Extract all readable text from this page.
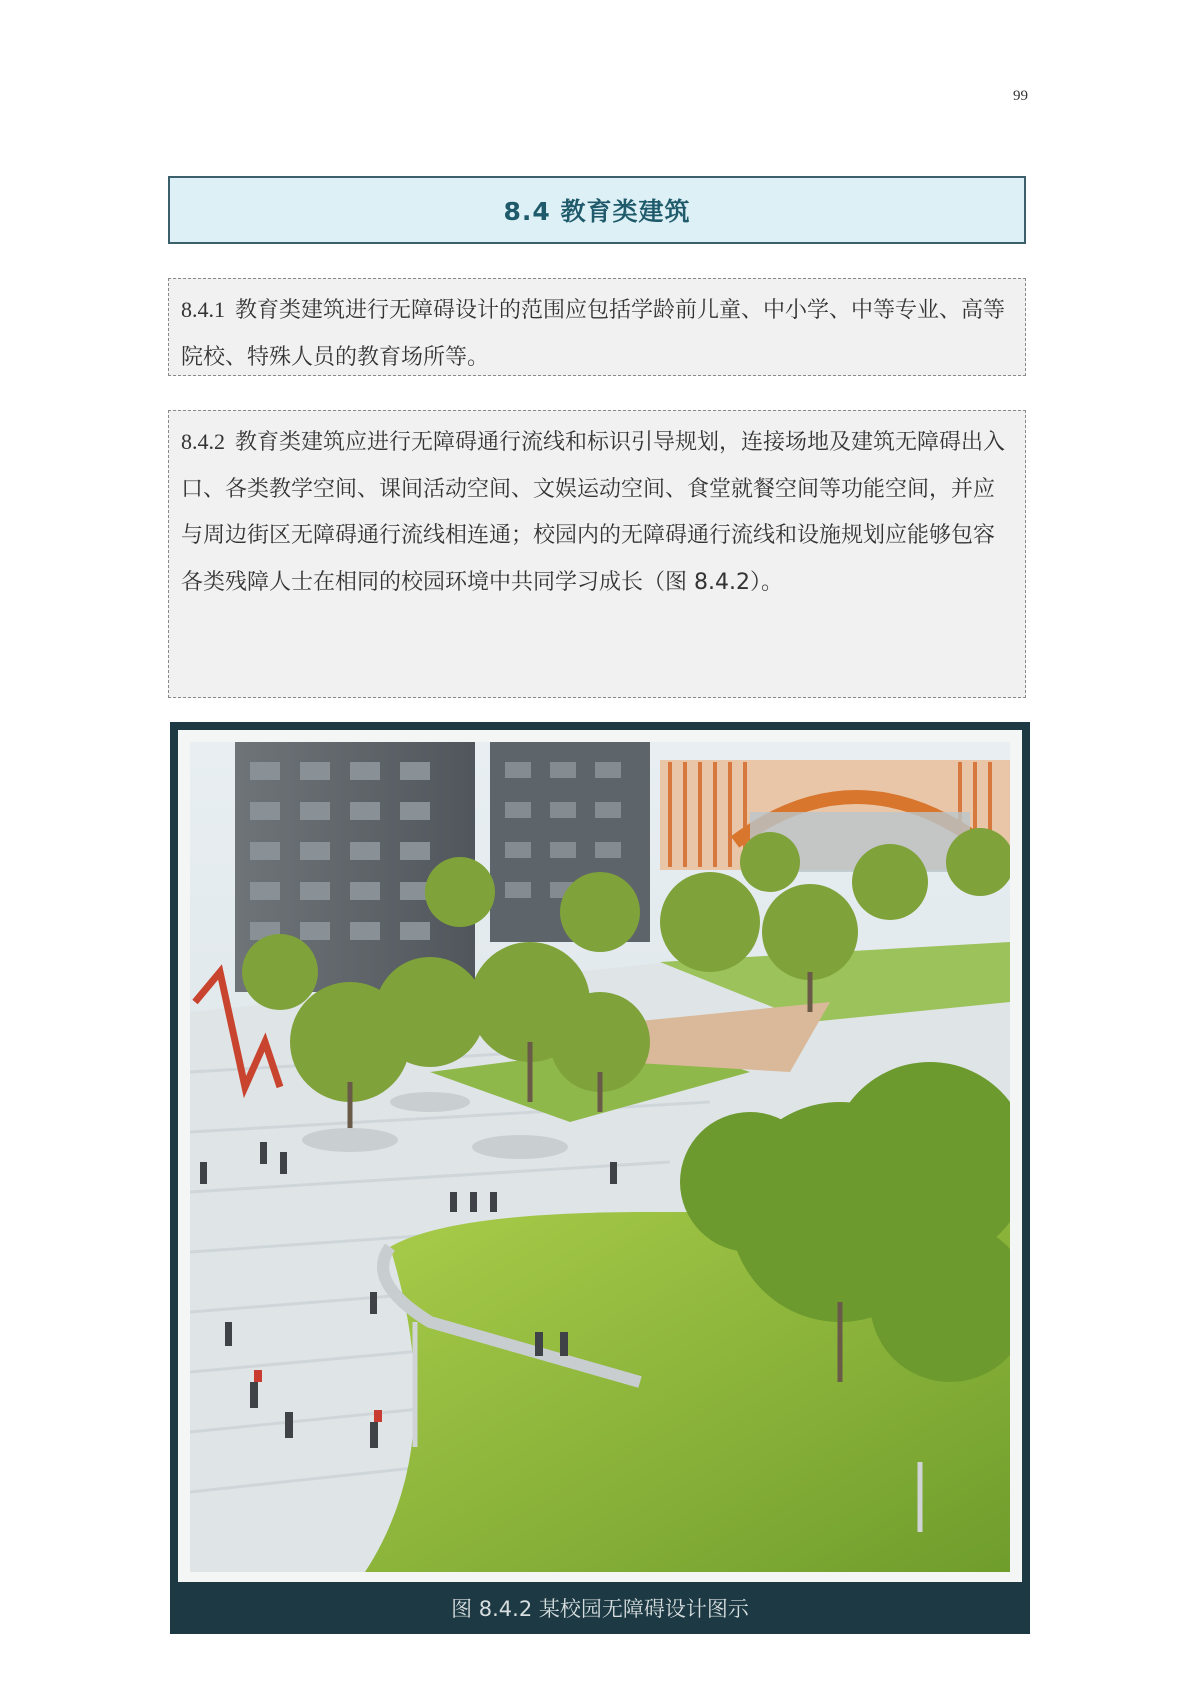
99
8.4 教育类建筑
8.4.1 教育类建筑进行无障碍设计的范围应包括学龄前儿童、中小学、中等专业、高等院校、特殊人员的教育场所等。
8.4.2 教育类建筑应进行无障碍通行流线和标识引导规划，连接场地及建筑无障碍出入口、各类教学空间、课间活动空间、文娱运动空间、食堂就餐空间等功能空间，并应与周边街区无障碍通行流线相连通；校园内的无障碍通行流线和设施规划应能够包容各类残障人士在相同的校园环境中共同学习成长（图 8.4.2）。
图 8.4.2 某校园无障碍设计图示
